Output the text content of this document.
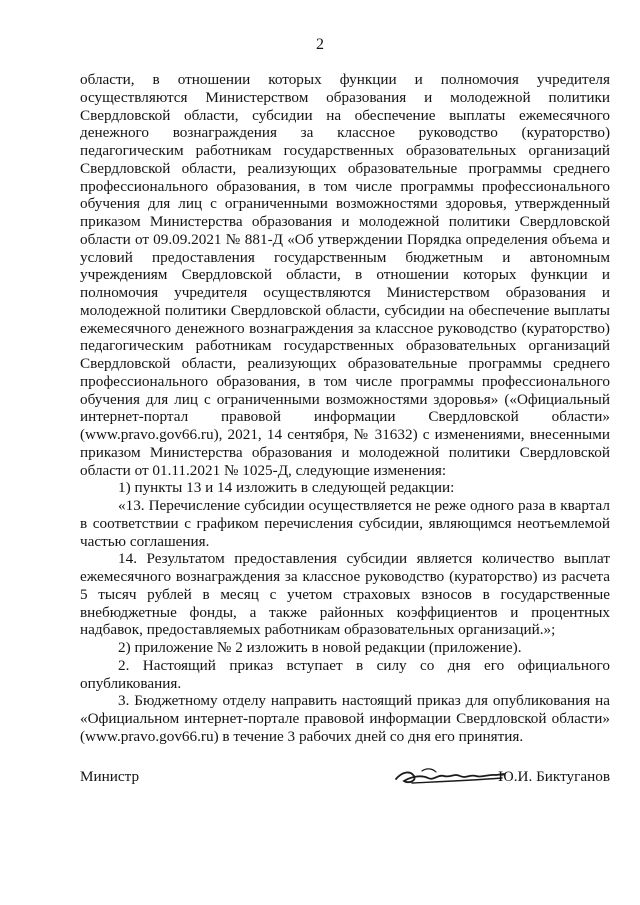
2

области, в отношении которых функции и полномочия учредителя осуществляются Министерством образования и молодежной политики Свердловской области, субсидии на обеспечение выплаты ежемесячного денежного вознаграждения за классное руководство (кураторство) педагогическим работникам государственных образовательных организаций Свердловской области, реализующих образовательные программы среднего профессионального образования, в том числе программы профессионального обучения для лиц с ограниченными возможностями здоровья, утвержденный приказом Министерства образования и молодежной политики Свердловской области от 09.09.2021 № 881-Д «Об утверждении Порядка определения объема и условий предоставления государственным бюджетным и автономным учреждениям Свердловской области, в отношении которых функции и полномочия учредителя осуществляются Министерством образования и молодежной политики Свердловской области, субсидии на обеспечение выплаты ежемесячного денежного вознаграждения за классное руководство (кураторство) педагогическим работникам государственных образовательных организаций Свердловской области, реализующих образовательные программы среднего профессионального образования, в том числе программы профессионального обучения для лиц с ограниченными возможностями здоровья» («Официальный интернет-портал правовой информации Свердловской области» (www.pravo.gov66.ru), 2021, 14 сентября, № 31632) с изменениями, внесенными приказом Министерства образования и молодежной политики Свердловской области от 01.11.2021 № 1025-Д, следующие изменения:

1) пункты 13 и 14 изложить в следующей редакции:

«13. Перечисление субсидии осуществляется не реже одного раза в квартал в соответствии с графиком перечисления субсидии, являющимся неотъемлемой частью соглашения.

14. Результатом предоставления субсидии является количество выплат ежемесячного вознаграждения за классное руководство (кураторство) из расчета 5 тысяч рублей в месяц с учетом страховых взносов в государственные внебюджетные фонды, а также районных коэффициентов и процентных надбавок, предоставляемых работникам образовательных организаций.»;

2) приложение № 2 изложить в новой редакции (приложение).

2. Настоящий приказ вступает в силу со дня его официального опубликования.

3. Бюджетному отделу направить настоящий приказ для опубликования на «Официальном интернет-портале правовой информации Свердловской области» (www.pravo.gov66.ru) в течение 3 рабочих дней со дня его принятия.

Министр	Ю.И. Биктуганов
